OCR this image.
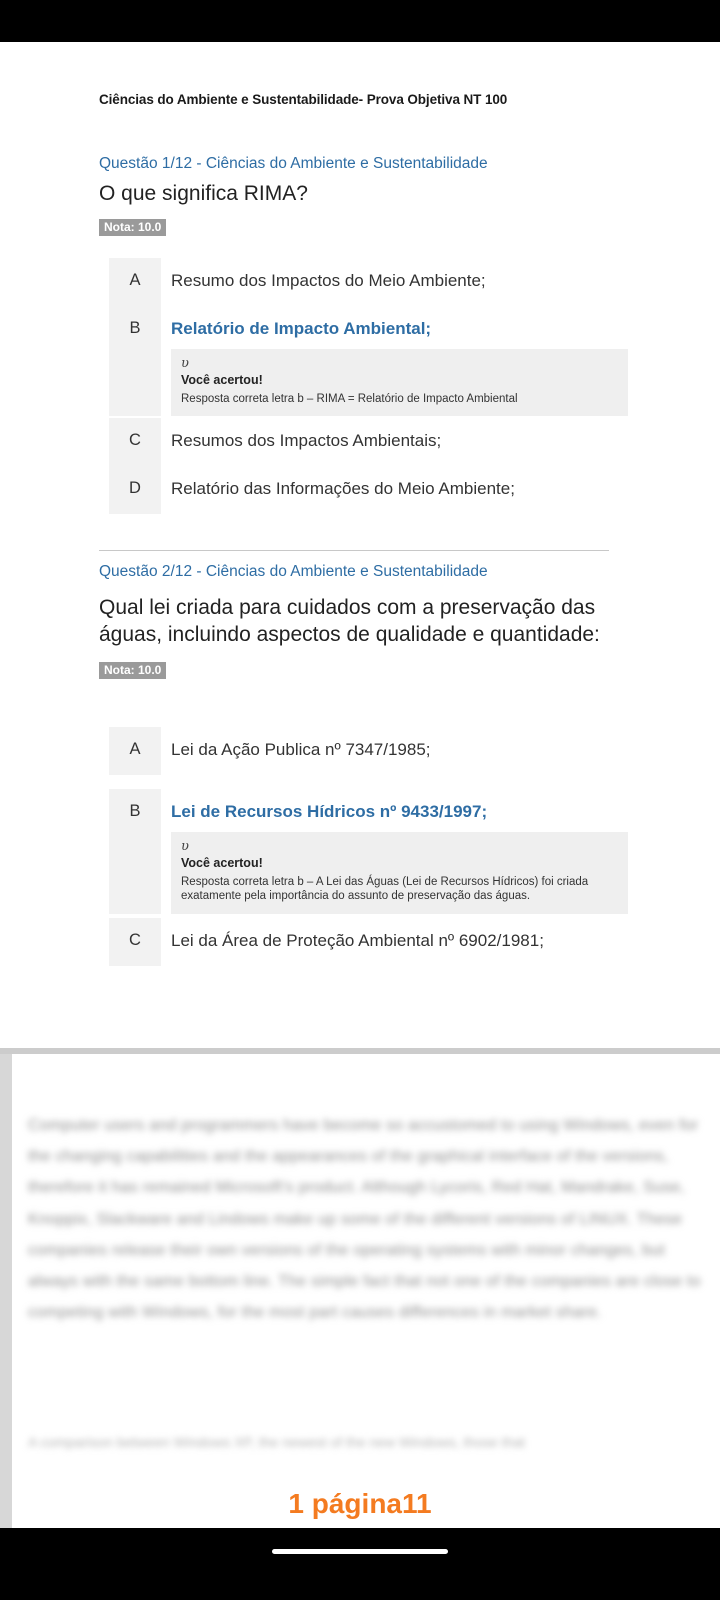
Ciências do Ambiente e Sustentabilidade- Prova Objetiva NT 100
Questão 1/12 - Ciências do Ambiente e Sustentabilidade
O que significa RIMA?
Nota: 10.0
A	Resumo dos Impactos do Meio Ambiente;
B	Relatório de Impacto Ambiental;
υ
Você acertou!
Resposta correta letra b – RIMA = Relatório de Impacto Ambiental
C	Resumos dos Impactos Ambientais;
D	Relatório das Informações do Meio Ambiente;
Questão 2/12 - Ciências do Ambiente e Sustentabilidade
Qual lei criada para cuidados com a preservação das águas, incluindo aspectos de qualidade e quantidade:
Nota: 10.0
A	Lei da Ação Publica nº 7347/1985;
B	Lei de Recursos Hídricos nº 9433/1997;
υ
Você acertou!
Resposta correta letra b – A Lei das Águas (Lei de Recursos Hídricos) foi criada exatamente pela importância do assunto de preservação das águas.
C	Lei da Área de Proteção Ambiental nº 6902/1981;
Computer users and programmers have become so accustomed to using Windows, even for the changing capabilities and the appearances of the graphical interface of the versions, therefore it has remained Microsoft's product. Although Lycoris, Red Hat, Mandrake, Suse, Knoppix, Slackware and Lindows make up some of the different versions of LINUX. These companies release their own versions of the operating systems with minor changes, but always with the same bottom line. The simple fact that not one of the companies are close to competing with Windows, for the most part causes differences in market share.
A comparison between Windows XP, the newest of the new Windows, those that
1 página11
